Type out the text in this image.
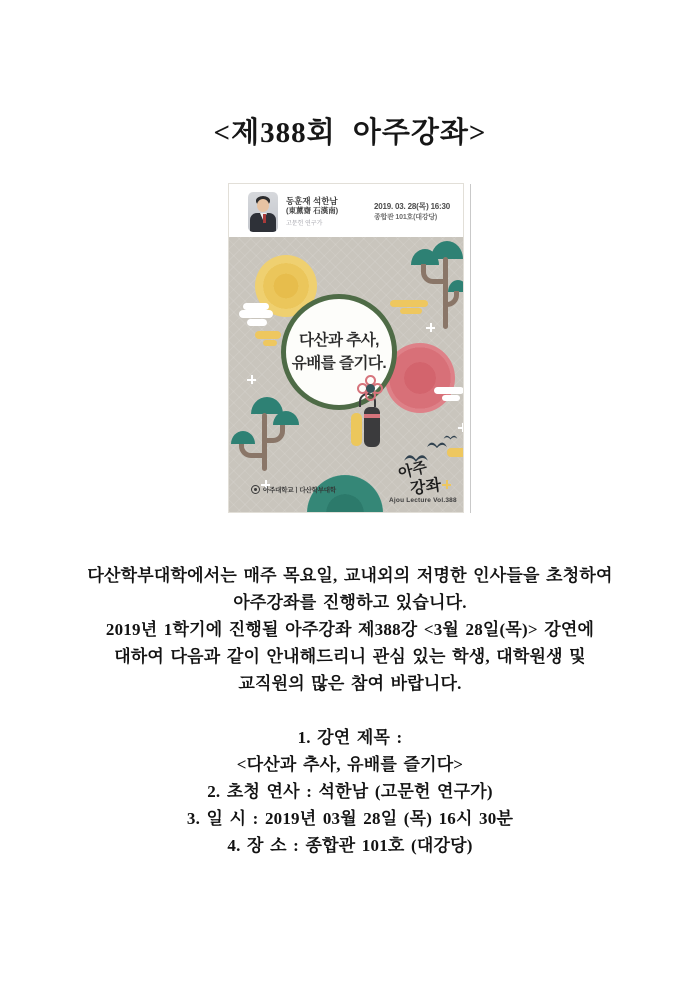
<제388회 아주강좌>
동훈재 석한남
(東薰齋 石漢南)
고문헌 연구가
2019. 03. 28(목) 16:30
종합관 101호(대강당)
다산과 추사,
유배를 즐기다.
아주대학교ㅣ다산학부대학
아주
강좌
Ajou Lecture Vol.388
다산학부대학에서는 매주 목요일, 교내외의 저명한 인사들을 초청하여
아주강좌를 진행하고 있습니다.
2019년 1학기에 진행될 아주강좌 제388강 <3월 28일(목)> 강연에
대하여 다음과 같이 안내해드리니 관심 있는 학생, 대학원생 및
교직원의 많은 참여 바랍니다.
1. 강연 제목 :
<다산과 추사, 유배를 즐기다>
2. 초청 연사 : 석한남 (고문헌 연구가)
3. 일 시 : 2019년 03월 28일 (목) 16시 30분
4. 장 소 : 종합관 101호 (대강당)
